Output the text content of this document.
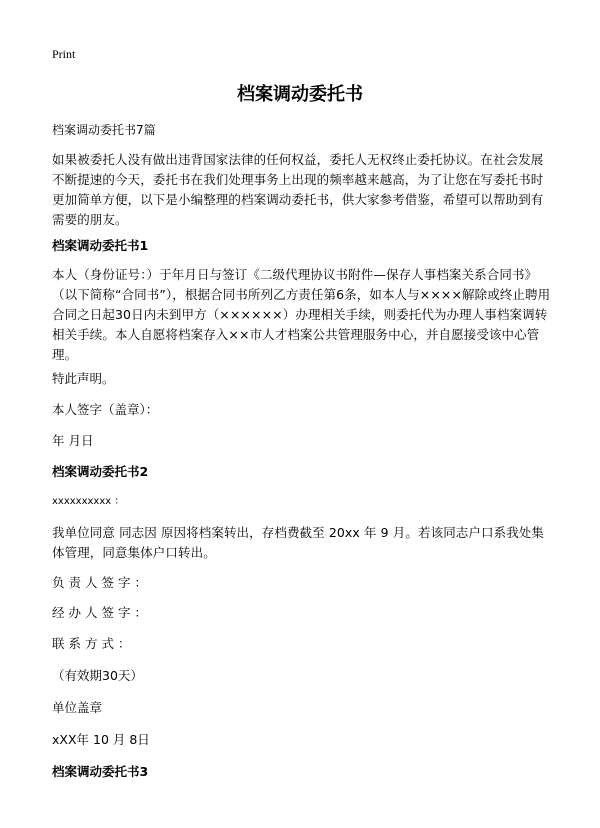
Print
档案调动委托书
档案调动委托书7篇
如果被委托人没有做出违背国家法律的任何权益，委托人无权终止委托协议。在社会发展不断提速的今天，委托书在我们处理事务上出现的频率越来越高，为了让您在写委托书时更加简单方便，以下是小编整理的档案调动委托书，供大家参考借鉴，希望可以帮助到有需要的朋友。
档案调动委托书1
本人（身份证号：）于年月日与签订《二级代理协议书附件—保存人事档案关系合同书》（以下简称“合同书”），根据合同书所列乙方责任第6条，如本人与××××解除或终止聘用合同之日起30日内未到甲方（××××××）办理相关手续，则委托代为办理人事档案调转相关手续。本人自愿将档案存入××市人才档案公共管理服务中心，并自愿接受该中心管理。
特此声明。
本人签字（盖章）：
年 月日
档案调动委托书2
xxxxxxxxxx ：
我单位同意 同志因 原因将档案转出，存档费截至 20xx 年 9 月。若该同志户口系我处集体管理，同意集体户口转出。
负责人签字：
经办人签字：
联系方式：
（有效期30天）
单位盖章
xXX年 10 月 8日
档案调动委托书3
